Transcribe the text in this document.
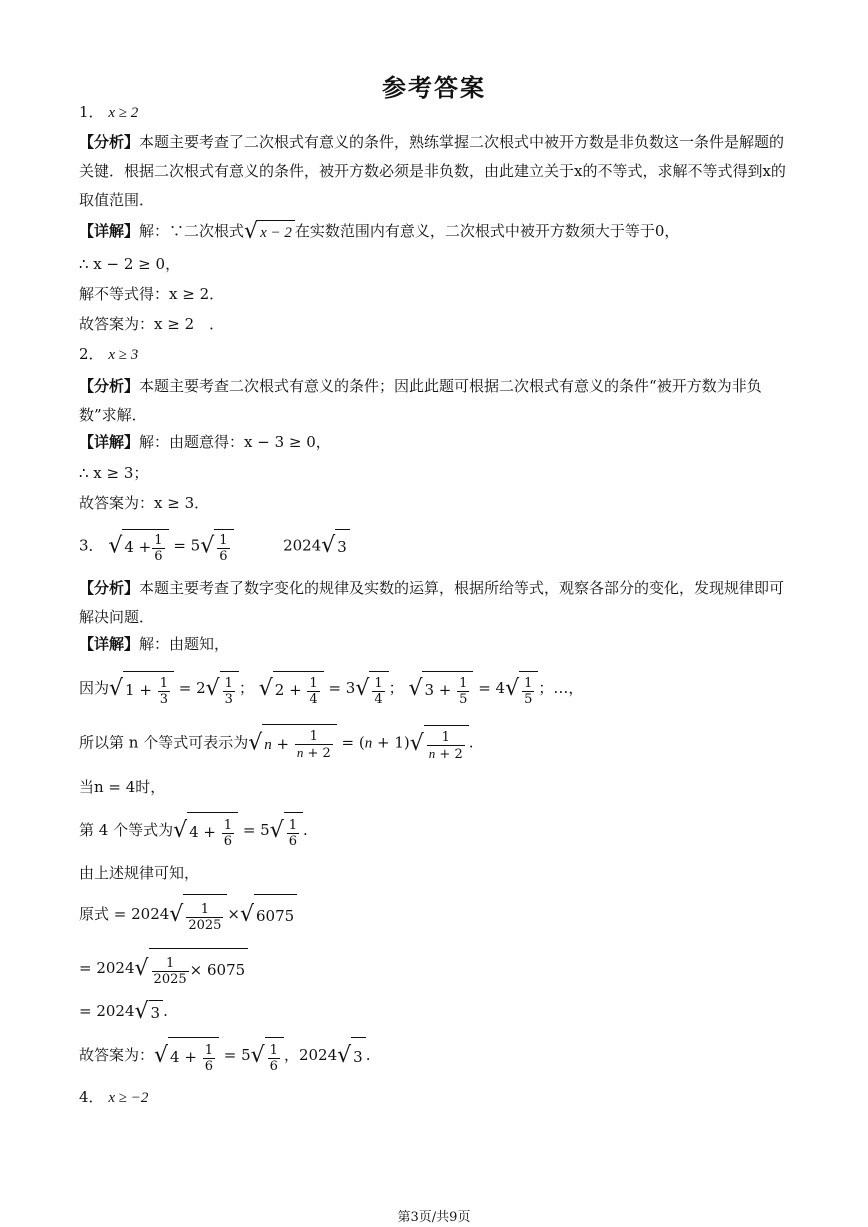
参考答案
1． x ≥ 2
【分析】本题主要考查了二次根式有意义的条件，熟练掌握二次根式中被开方数是非负数这一条件是解题的关键．根据二次根式有意义的条件，被开方数必须是非负数，由此建立关于x的不等式，求解不等式得到x的取值范围．
【详解】解：∵二次根式√ x − 2 在实数范围内有意义，二次根式中被开方数须大于等于0，
∴ x − 2 ≥ 0，
解不等式得：x ≥ 2．
故答案为：x ≥ 2　．
2． x ≥ 3
【分析】本题主要考查二次根式有意义的条件；因此此题可根据二次根式有意义的条件“被开方数为非负数”求解．
【详解】解：由题意得：x − 3 ≥ 0，
∴ x ≥ 3；
故答案为：x ≥ 3．
3． √ $4 + \frac{1}{6} = 5√ \frac{1}{6}$	2024√ 3
【分析】本题主要考查了数字变化的规律及实数的运算，根据所给等式，观察各部分的变化，发现规律即可解决问题．
【详解】解：由题知，
因为√ $1 + \frac{1}{3} = 2√ \frac{1}{3}$ ； √ $2 + \frac{1}{4} = 3√ \frac{1}{4}$ ； √ $3 + \frac{1}{5} = 4√ \frac{1}{5}$ ；…，
所以第 n 个等式可表示为√ $n + \frac{1}{n + 2} = (n + 1)√ \frac{1}{n + 2}$ .
当n = 4时，
第 4 个等式为√ $4 + \frac{1}{6} = 5√ \frac{1}{6}$ .
由上述规律可知，
原式 = $2024√ \frac{1}{2025}$ ×√ 6075
= $2024√ \frac{1}{2025} \times 6075$
= 2024√ 3 .
故答案为：√ $4 + \frac{1}{6} = 5√ \frac{1}{6}$ ，2024√ 3 .
4． x ≥ −2
第3页/共9页
